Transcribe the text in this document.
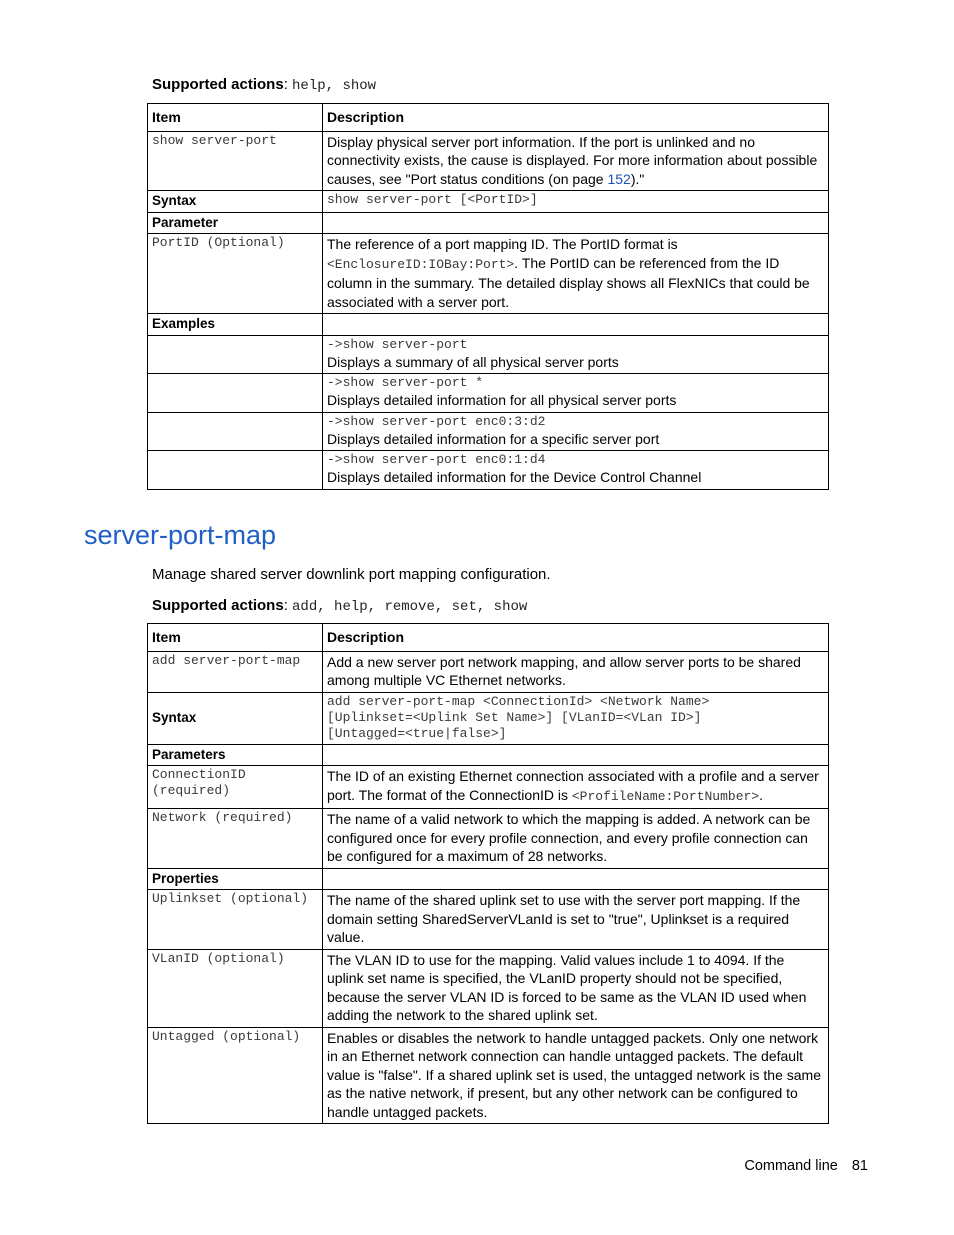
Supported actions: help, show
Item	Description

show server-port	Display physical server port information. If the port is unlinked and no connectivity exists, the cause is displayed. For more information about possible causes, see "Port status conditions (on page 152)."
Syntax	show server-port [<PortID>]

Parameter	

PortID (Optional)	The reference of a port mapping ID. The PortID format is
<EnclosureID:IOBay:Port>. The PortID can be referenced from the ID column in the summary. The detailed display shows all FlexNICs that could be associated with a server port.
Examples	

	->show server-port
Displays a summary of all physical server ports

	->show server-port *
Displays detailed information for all physical server ports

	->show server-port enc0:3:d2
Displays detailed information for a specific server port

	->show server-port enc0:1:d4
Displays detailed information for the Device Control Channel
server-port-map
Manage shared server downlink port mapping configuration.
Supported actions: add, help, remove, set, show
Item	Description

add server-port-map	Add a new server port network mapping, and allow server ports to be shared among multiple VC Ethernet networks.
Syntax	add server-port-map <ConnectionId> <Network Name>
[Uplinkset=<Uplink Set Name>] [VLanID=<VLan ID>]
[Untagged=<true|false>]

Parameters	

ConnectionID
(required)	The ID of an existing Ethernet connection associated with a profile and a server port. The format of the ConnectionID is <ProfileName:PortNumber>.

Network (required)	The name of a valid network to which the mapping is added. A network can be configured once for every profile connection, and every profile connection can be configured for a maximum of 28 networks.
Properties	

Uplinkset (optional)	The name of the shared uplink set to use with the server port mapping. If the domain setting SharedServerVLanId is set to "true", Uplinkset is a required value.

VLanID (optional)	The VLAN ID to use for the mapping. Valid values include 1 to 4094. If the uplink set name is specified, the VLanID property should not be specified, because the server VLAN ID is forced to be same as the VLAN ID used when adding the network to the shared uplink set.

Untagged (optional)	Enables or disables the network to handle untagged packets. Only one network in an Ethernet network connection can handle untagged packets. The default value is "false". If a shared uplink set is used, the untagged network is the same as the native network, if present, but any other network can be configured to handle untagged packets.
Command line 81
